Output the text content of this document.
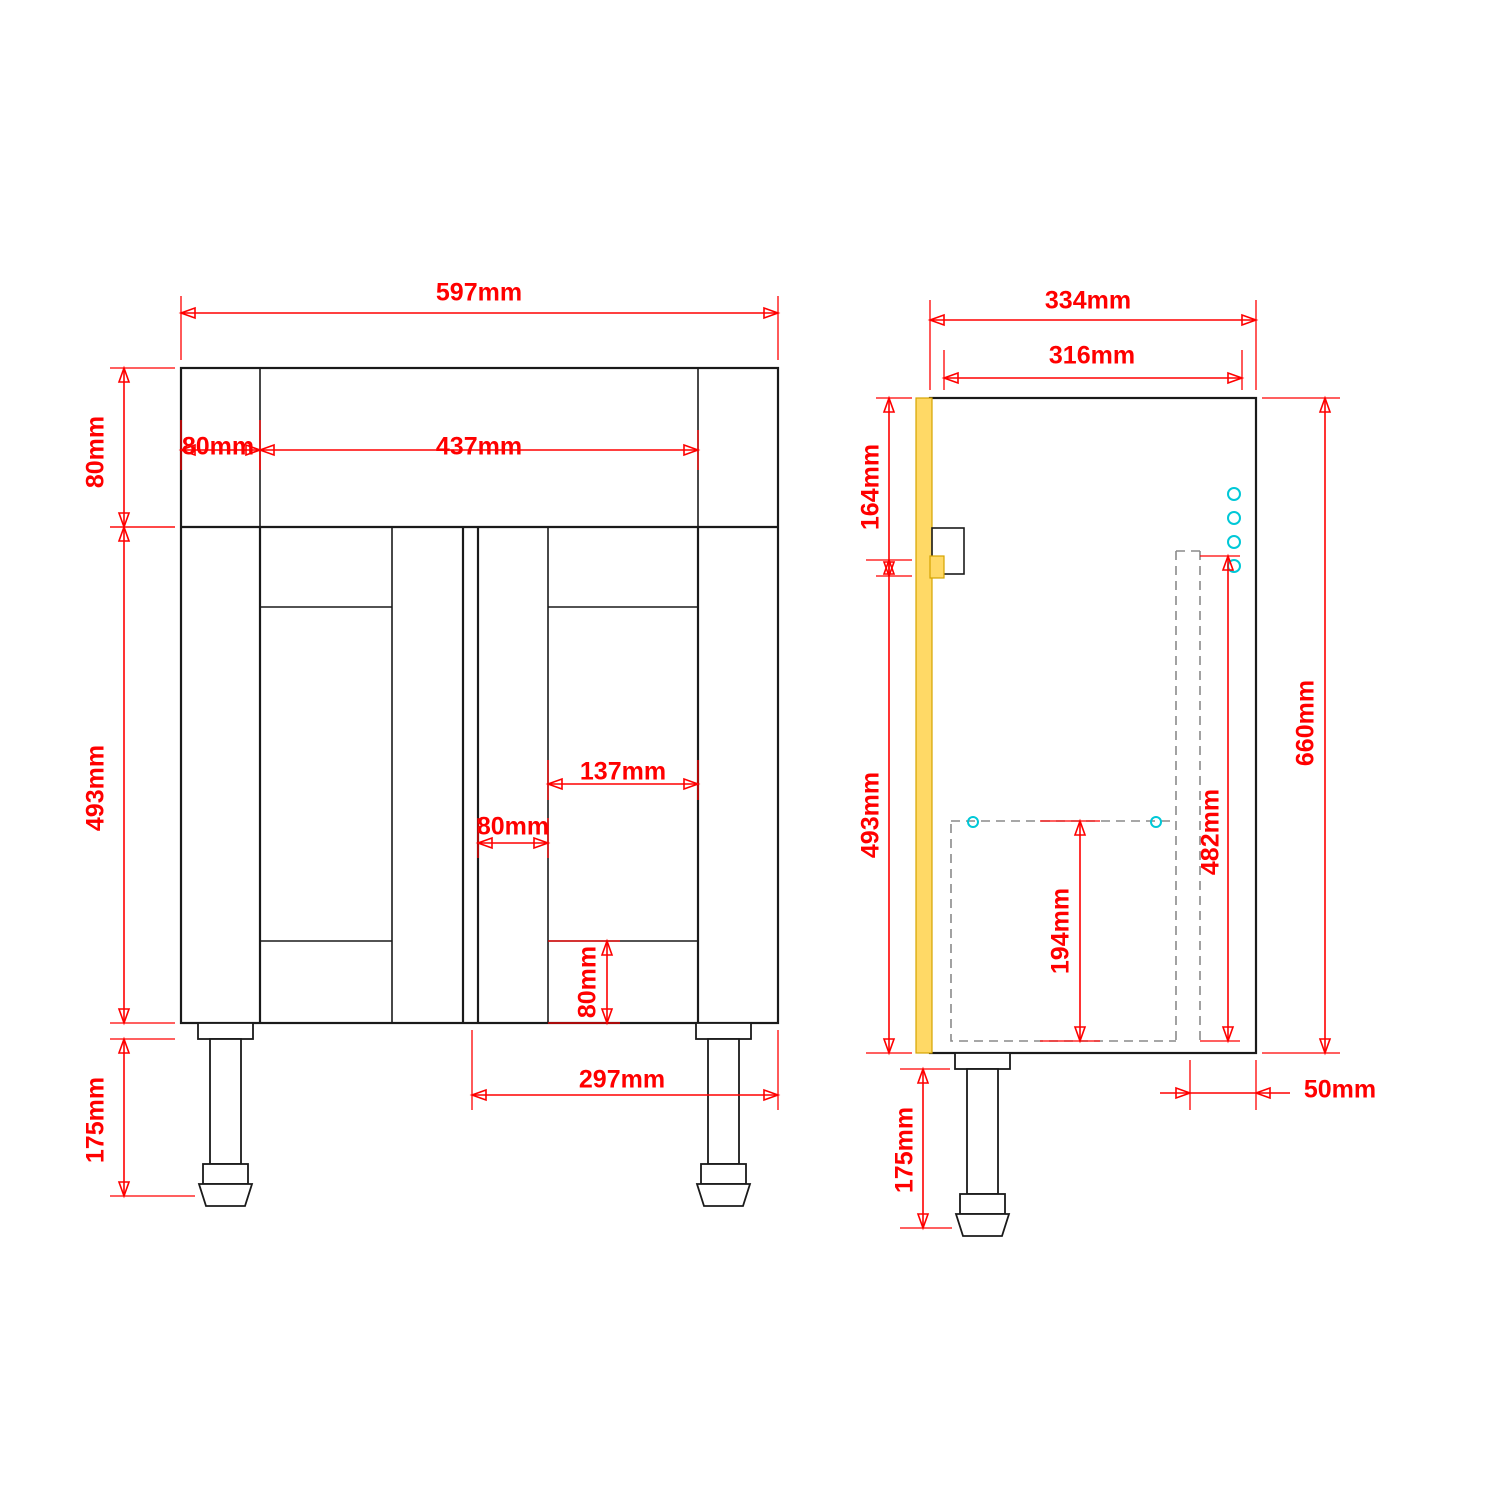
597mm
80mm	80mm	437mm
493mm
175mm
137mm
80mm
80mm
297mm
334mm
316mm
164mm
493mm
175mm
660mm
482mm
194mm
50mm
